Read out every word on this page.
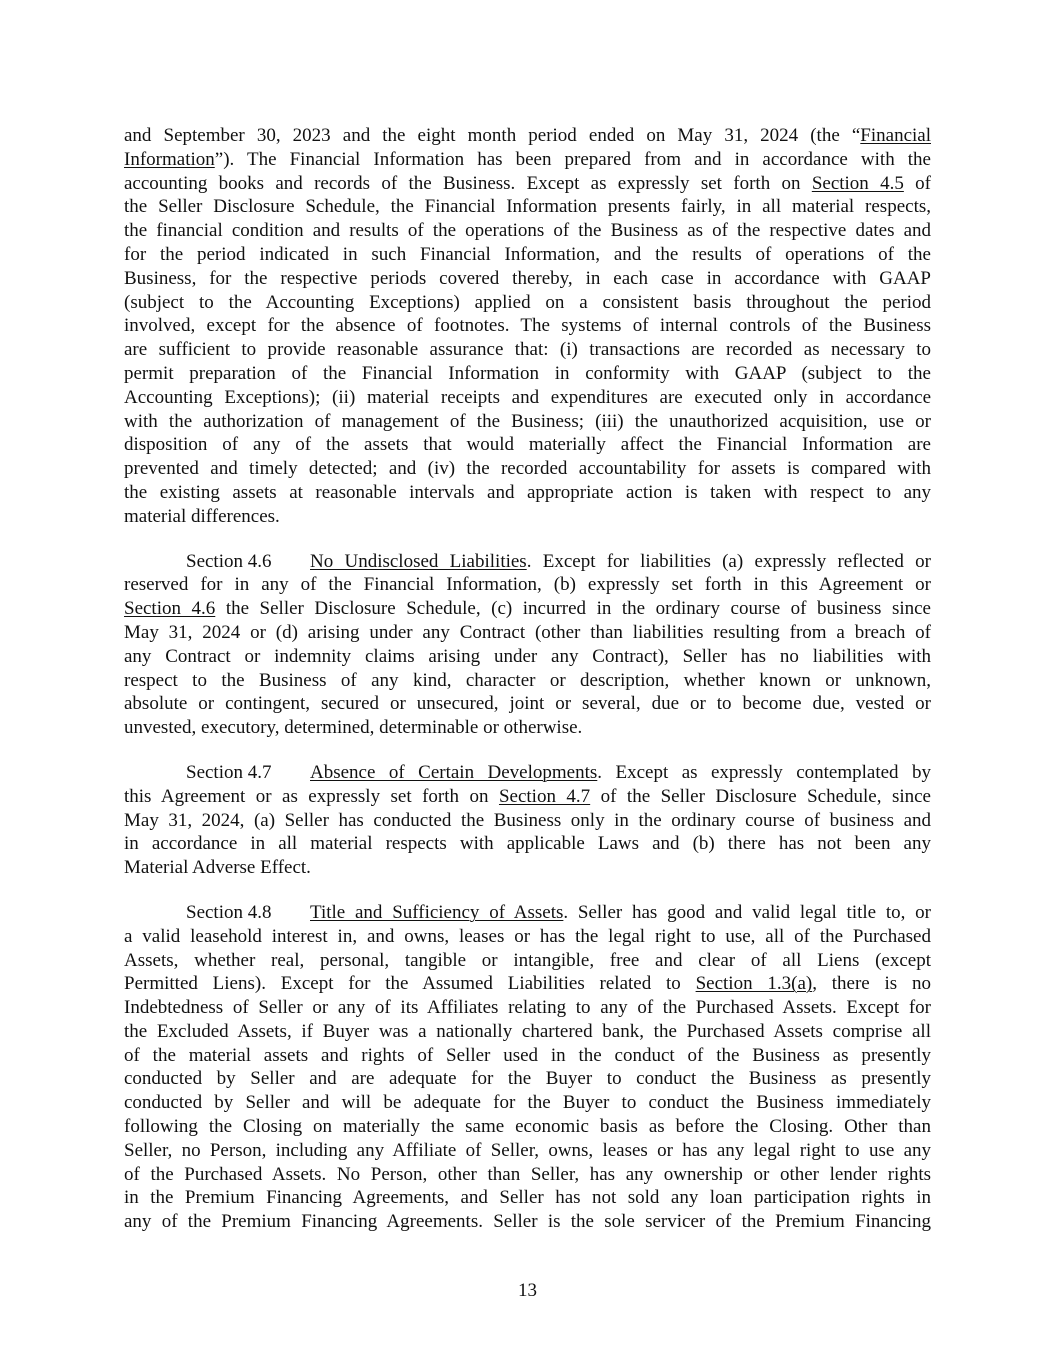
and September 30, 2023 and the eight month period ended on May 31, 2024 (the “Financial
Information”). The Financial Information has been prepared from and in accordance with the
accounting books and records of the Business. Except as expressly set forth on Section 4.5 of
the Seller Disclosure Schedule, the Financial Information presents fairly, in all material respects,
the financial condition and results of the operations of the Business as of the respective dates and
for the period indicated in such Financial Information, and the results of operations of the
Business, for the respective periods covered thereby, in each case in accordance with GAAP
(subject to the Accounting Exceptions) applied on a consistent basis throughout the period
involved, except for the absence of footnotes. The systems of internal controls of the Business
are sufficient to provide reasonable assurance that: (i) transactions are recorded as necessary to
permit preparation of the Financial Information in conformity with GAAP (subject to the
Accounting Exceptions); (ii) material receipts and expenditures are executed only in accordance
with the authorization of management of the Business; (iii) the unauthorized acquisition, use or
disposition of any of the assets that would materially affect the Financial Information are
prevented and timely detected; and (iv) the recorded accountability for assets is compared with
the existing assets at reasonable intervals and appropriate action is taken with respect to any
material differences.
Section 4.6 No Undisclosed Liabilities. Except for liabilities (a) expressly reflected or
reserved for in any of the Financial Information, (b) expressly set forth in this Agreement or
Section 4.6 the Seller Disclosure Schedule, (c) incurred in the ordinary course of business since
May 31, 2024 or (d) arising under any Contract (other than liabilities resulting from a breach of
any Contract or indemnity claims arising under any Contract), Seller has no liabilities with
respect to the Business of any kind, character or description, whether known or unknown,
absolute or contingent, secured or unsecured, joint or several, due or to become due, vested or
unvested, executory, determined, determinable or otherwise.
Section 4.7 Absence of Certain Developments. Except as expressly contemplated by
this Agreement or as expressly set forth on Section 4.7 of the Seller Disclosure Schedule, since
May 31, 2024, (a) Seller has conducted the Business only in the ordinary course of business and
in accordance in all material respects with applicable Laws and (b) there has not been any
Material Adverse Effect.
Section 4.8 Title and Sufficiency of Assets. Seller has good and valid legal title to, or
a valid leasehold interest in, and owns, leases or has the legal right to use, all of the Purchased
Assets, whether real, personal, tangible or intangible, free and clear of all Liens (except
Permitted Liens). Except for the Assumed Liabilities related to Section 1.3(a), there is no
Indebtedness of Seller or any of its Affiliates relating to any of the Purchased Assets. Except for
the Excluded Assets, if Buyer was a nationally chartered bank, the Purchased Assets comprise all
of the material assets and rights of Seller used in the conduct of the Business as presently
conducted by Seller and are adequate for the Buyer to conduct the Business as presently
conducted by Seller and will be adequate for the Buyer to conduct the Business immediately
following the Closing on materially the same economic basis as before the Closing. Other than
Seller, no Person, including any Affiliate of Seller, owns, leases or has any legal right to use any
of the Purchased Assets. No Person, other than Seller, has any ownership or other lender rights
in the Premium Financing Agreements, and Seller has not sold any loan participation rights in
any of the Premium Financing Agreements. Seller is the sole servicer of the Premium Financing
13
